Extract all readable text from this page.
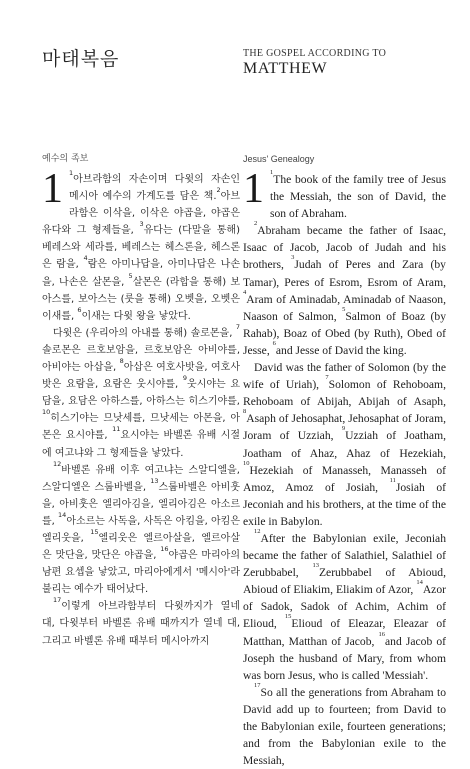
마태복음	THE GOSPEL ACCORDING TO
MATTHEW
예수의 족보

1 $^1$아브라함의 자손이며 다윗의 자손인 메시아 예수의 가계도를 담은 책.$^2$아브라함은 이삭을, 이삭은 야곱을, 야곱은 유다와 그 형제들을, $^3$유다는 (다말을 통해) 베레스와 세라를, 베레스는 헤스론을, 헤스론은 람을, $^4$람은 아미나답을, 아미나답은 나손을, 나손은 살몬을, $^5$살몬은 (라합을 통해) 보아스를, 보아스는 (룻을 통해) 오벳을, 오벳은 이새를, $^6$이새는 다윗 왕을 낳았다.

다윗은 (우리아의 아내를 통해) 솔로몬을, $^7$솔로몬은 르호보암을, 르호보암은 아비야를, 아비야는 아삽을, $^8$아삽은 여호사밧을, 여호사밧은 요람을, 요람은 웃시야를, $^9$웃시야는 요담을, 요담은 아하스를, 아하스는 히스기야를, $^{10}$히스기야는 므낫세를, 므낫세는 아몬을, 아몬은 요시야를, $^{11}$요시야는 바벨론 유배 시절에 여고냐와 그 형제들을 낳았다.

$^{12}$바벨론 유배 이후 여고냐는 스알디엘을, 스알디엘은 스룹바벨을, $^{13}$스룹바벨은 아비훗을, 아비훗은 엘리아김을, 엘리아김은 아소르를, $^{14}$아소르는 사독을, 사독은 아킴을, 아킴은 엘리웃을, $^{15}$엘리웃은 엘르아살을, 엘르아살은 맛단을, 맛단은 야곱을, $^{16}$야곱은 마리아의 남편 요셉을 낳았고, 마리아에게서 '메시아'라 불리는 예수가 태어났다.

$^{17}$이렇게 아브라함부터 다윗까지가 열네 대, 다윗부터 바벨론 유배 때까지가 열네 대, 그리고 바벨론 유배 때부터 메시아까지

Jesus' Genealogy

1 $^1$The book of the family tree of Jesus the Messiah, the son of David, the son of Abraham.

$^2$Abraham became the father of Isaac, Isaac of Jacob, Jacob of Judah and his brothers, $^3$Judah of Peres and Zara (by Tamar), Peres of Esrom, Esrom of Aram, $^4$Aram of Aminadab, Aminadab of Naason, Naason of Salmon, $^5$Salmon of Boaz (by Rahab), Boaz of Obed (by Ruth), Obed of Jesse, $^6$and Jesse of David the king.

David was the father of Solomon (by the wife of Uriah), $^7$Solomon of Rehoboam, Rehoboam of Abijah, Abijah of Asaph, $^8$Asaph of Jehosaphat, Jehosaphat of Joram, Joram of Uzziah, $^9$Uzziah of Joatham, Joatham of Ahaz, Ahaz of Hezekiah, $^{10}$Hezekiah of Manasseh, Manasseh of Amoz, Amoz of Josiah, $^{11}$Josiah of Jeconiah and his brothers, at the time of the exile in Babylon.

$^{12}$After the Babylonian exile, Jeconiah became the father of Salathiel, Salathiel of Zerubbabel, $^{13}$Zerubbabel of Abioud, Abioud of Eliakim, Eliakim of Azor, $^{14}$Azor of Sadok, Sadok of Achim, Achim of Elioud, $^{15}$Elioud of Eleazar, Eleazar of Matthan, Matthan of Jacob, $^{16}$and Jacob of Joseph the husband of Mary, from whom was born Jesus, who is called 'Messiah'.

$^{17}$So all the generations from Abraham to David add up to fourteen; from David to the Babylonian exile, fourteen generations; and from the Babylonian exile to the Messiah,
